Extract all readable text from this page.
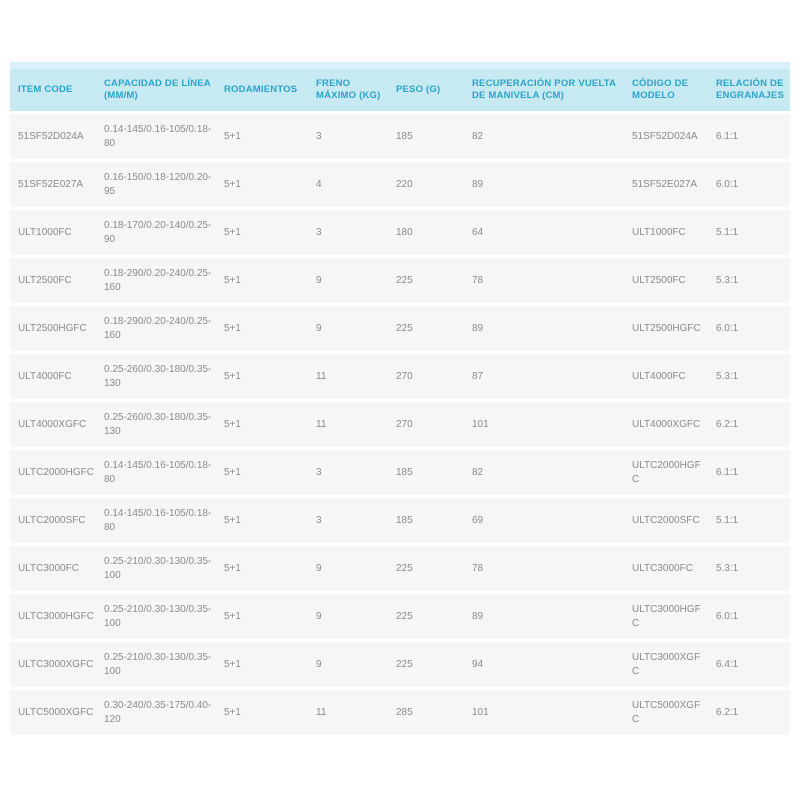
ITEM CODE	CAPACIDAD DE LÍNEA (MM/M)	RODAMIENTOS	FRENO MÁXIMO (KG)	PESO (G)	RECUPERACIÓN POR VUELTA DE MANIVELA (CM)	CÓDIGO DE MODELO	RELACIÓN DE ENGRANAJES
51SF52D024A	0.14-145/0.16-105/0.18-80	5+1	3	185	82	51SF52D024A	6.1:1
51SF52E027A	0.16-150/0.18-120/0.20-95	5+1	4	220	89	51SF52E027A	6.0:1
ULT1000FC	0.18-170/0.20-140/0.25-90	5+1	3	180	64	ULT1000FC	5.1:1
ULT2500FC	0.18-290/0.20-240/0.25-160	5+1	9	225	78	ULT2500FC	5.3:1
ULT2500HGFC	0.18-290/0.20-240/0.25-160	5+1	9	225	89	ULT2500HGFC	6.0:1
ULT4000FC	0.25-260/0.30-180/0.35-130	5+1	11	270	87	ULT4000FC	5.3:1
ULT4000XGFC	0.25-260/0.30-180/0.35-130	5+1	11	270	101	ULT4000XGFC	6.2:1
ULTC2000HGFC	0.14-145/0.16-105/0.18-80	5+1	3	185	82	ULTC2000HGFC	6.1:1
ULTC2000SFC	0.14-145/0.16-105/0.18-80	5+1	3	185	69	ULTC2000SFC	5.1:1
ULTC3000FC	0.25-210/0.30-130/0.35-100	5+1	9	225	78	ULTC3000FC	5.3:1
ULTC3000HGFC	0.25-210/0.30-130/0.35-100	5+1	9	225	89	ULTC3000HGFC	6.0:1
ULTC3000XGFC	0.25-210/0.30-130/0.35-100	5+1	9	225	94	ULTC3000XGFC	6.4:1
ULTC5000XGFC	0.30-240/0.35-175/0.40-120	5+1	11	285	101	ULTC5000XGFC	6.2:1
